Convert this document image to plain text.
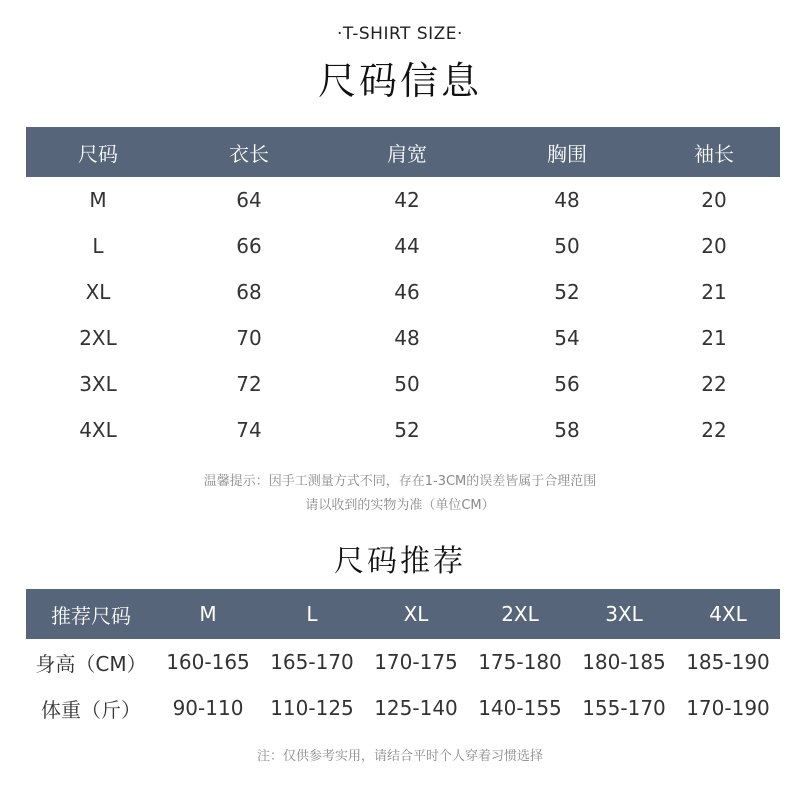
·T-SHIRT SIZE·
尺码信息
尺码	衣长	肩宽	胸围	袖长
M	64	42	48	20
L	66	44	50	20
XL	68	46	52	21
2XL	70	48	54	21
3XL	72	50	56	22
4XL	74	52	58	22
温馨提示：因手工测量方式不同，存在1-3CM的误差皆属于合理范围
请以收到的实物为准（单位CM）
尺码推荐
推荐尺码	M	L	XL	2XL	3XL	4XL
身高（CM）	160-165	165-170	170-175	175-180	180-185	185-190
体重（斤）	90-110	110-125	125-140	140-155	155-170	170-190
注：仅供参考实用，请结合平时个人穿着习惯选择
